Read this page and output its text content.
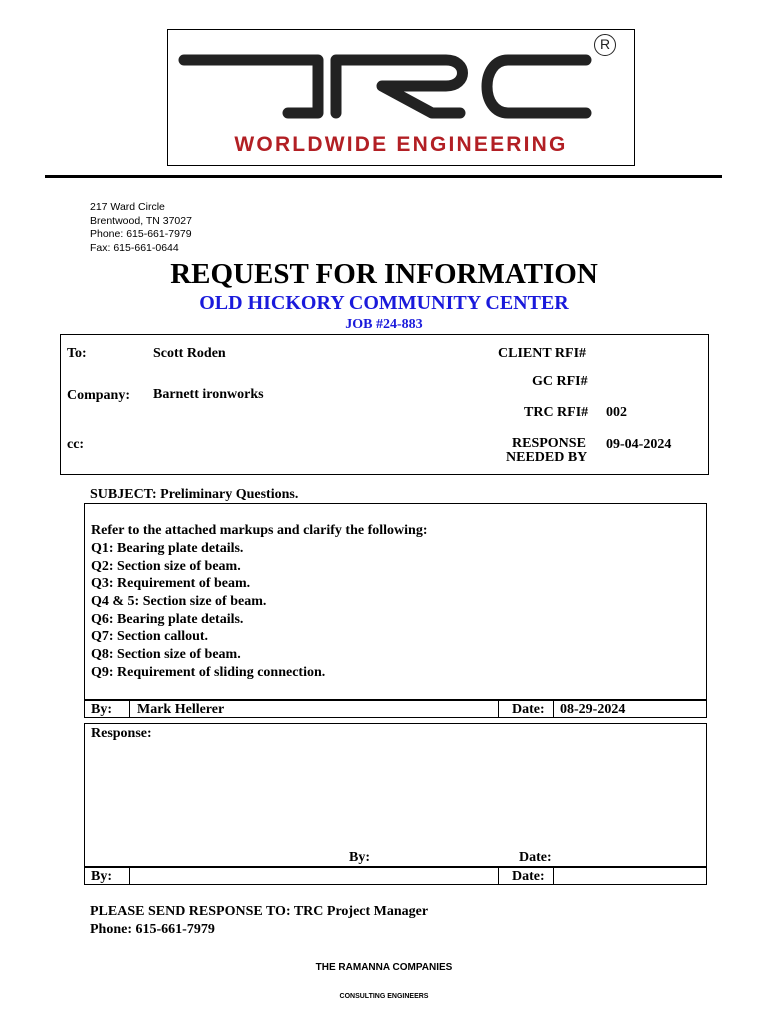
R
WORLDWIDE ENGINEERING
217 Ward Circle
Brentwood, TN 37027
Phone: 615-661-7979
Fax: 615-661-0644
REQUEST FOR INFORMATION
OLD HICKORY COMMUNITY CENTER
JOB #24-883
To:	Scott Roden
Company: Barnett ironworks
cc:
CLIENT RFI#
GC RFI#
TRC RFI# 002
RESPONSE
NEEDED BY
09-04-2024
SUBJECT: Preliminary Questions.
Refer to the attached markups and clarify the following:
Q1: Bearing plate details.
Q2: Section size of beam.
Q3: Requirement of beam.
Q4 & 5: Section size of beam.
Q6: Bearing plate details.
Q7: Section callout.
Q8: Section size of beam.
Q9: Requirement of sliding connection.
By: Mark Hellerer	Date: 08-29-2024
Response:
By:	Date:
By:	Date:
PLEASE SEND RESPONSE TO: TRC Project Manager
Phone: 615-661-7979
THE RAMANNA COMPANIES
CONSULTING ENGINEERS
